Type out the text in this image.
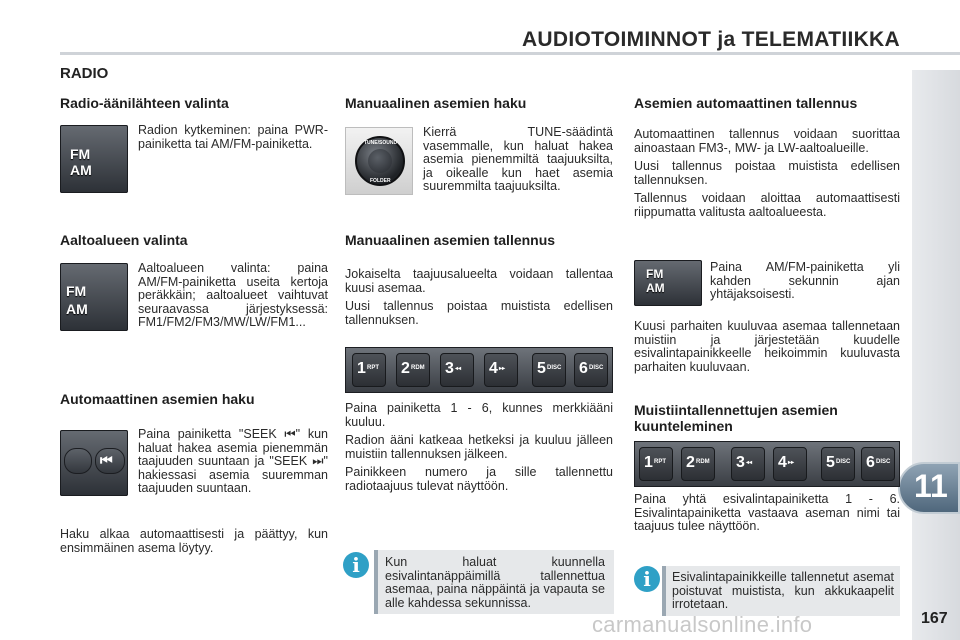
AUDIOTOIMINNOT ja TELEMATIIKKA
11
RADIO
Radio-äänilähteen valinta
FM
AM
Radion kytkeminen: paina PWR-painiketta tai AM/FM-painiketta.
Aaltoalueen valinta
FM
AM
Aaltoalueen valinta: paina AM/FM-painiketta useita kertoja peräkkäin; aaltoalueet vaihtuvat seuraavassa järjestyksessä: FM1/FM2/FM3/MW/LW/FM1...
Automaattinen asemien haku
⏮
Paina painiketta "SEEK ⏮" kun haluat hakea asemia pienemmän taajuuden suuntaan ja "SEEK ⏭" hakiessasi asemia suuremman taajuuden suuntaan.
Haku alkaa automaattisesti ja päättyy, kun ensimmäinen asema löytyy.
Manuaalinen asemien haku
TUNE/SOUND
FOLDER
Kierrä TUNE-säädintä vasemmalle, kun haluat hakea asemia pienemmiltä taajuuksilta, ja oikealle kun haet asemia suuremmilta taajuuksilta.
Manuaalinen asemien tallennus

Jokaiselta taajuusalueelta voidaan tallentaa kuusi asemaa.

Uusi tallennus poistaa muistista edellisen tallennuksen.

1 RPT 2 RDM 3 ◂◂ 4 ▸▸ 5 DISC 6 DISC

Paina painiketta 1 - 6, kunnes merkkiääni kuuluu.

Radion ääni katkeaa hetkeksi ja kuuluu jälleen muistiin tallennuksen jälkeen.

Painikkeen numero ja sille tallennettu radiotaajuus tulevat näyttöön.

i	Kun haluat kuunnella esivalintanäppäimillä tallennettua asemaa, paina näppäintä ja vapauta se alle kahdessa sekunnissa.
Asemien automaattinen tallennus

Automaattinen tallennus voidaan suorittaa ainoastaan FM3-, MW- ja LW-aaltoalueille.

Uusi tallennus poistaa muistista edellisen tallennuksen.

Tallennus voidaan aloittaa automaattisesti riippumatta valitusta aaltoalueesta.

FM
AM
Paina AM/FM-painiketta yli kahden sekunnin ajan yhtäjaksoisesti.
Kuusi parhaiten kuuluvaa asemaa tallennetaan muistiin ja järjestetään kuudelle esivalintapainikkeelle heikoimmin kuuluvasta parhaiten kuuluvaan.
Muistiintallennettujen asemien kuunteleminen
1 RPT 2 RDM 3 ◂◂ 4 ▸▸ 5 DISC 6 DISC
Paina yhtä esivalintapainiketta 1 - 6. Esivalintapainiketta vastaava aseman nimi tai taajuus tulee näyttöön.
i	Esivalintapainikkeille tallennetut asemat poistuvat muistista, kun akkukaapelit irrotetaan.
167
carmanualsonline.info
